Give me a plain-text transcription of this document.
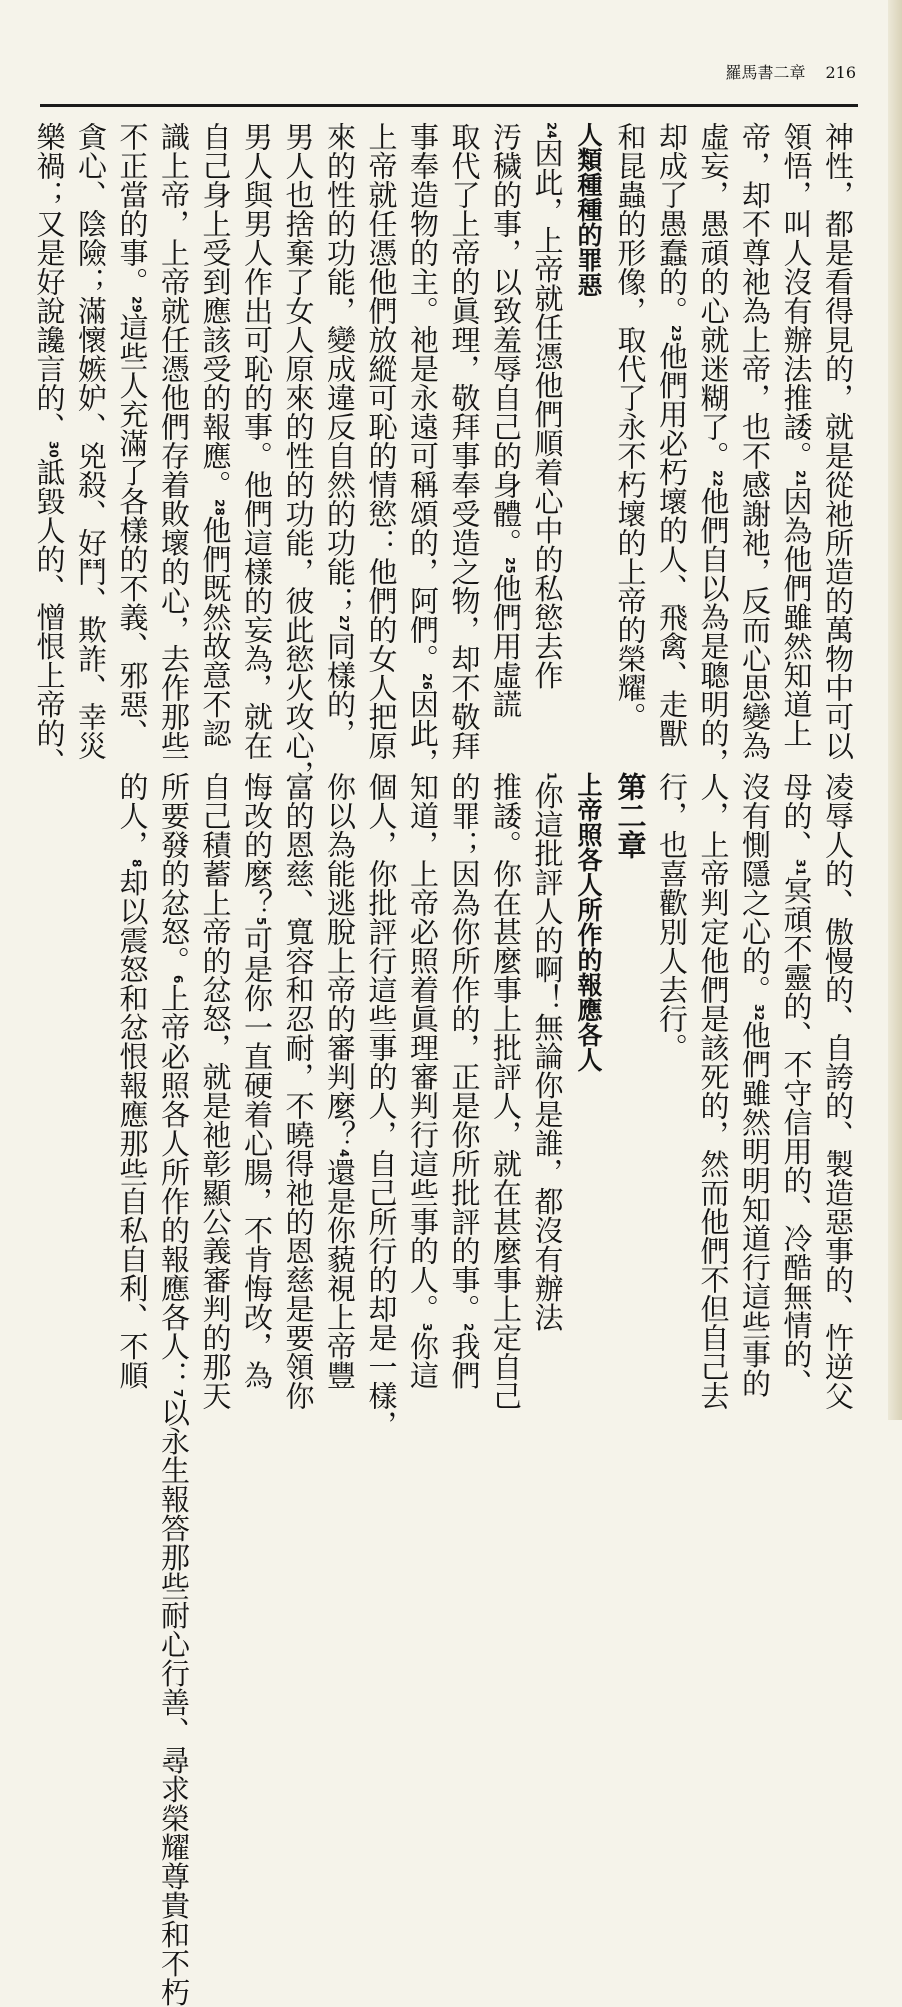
羅馬書二章 216
神性，都是看得見的，就是從祂所造的萬物中可以
領悟，叫人沒有辦法推諉。21因為他們雖然知道上
帝，却不尊祂為上帝，也不感謝祂，反而心思變為
虛妄，愚頑的心就迷糊了。22他們自以為是聰明的，
却成了愚蠢的。23他們用必朽壞的人、飛禽、走獸
和昆蟲的形像，取代了永不朽壞的上帝的榮耀。
人類種種的罪惡
24因此，上帝就任憑他們順着心中的私慾去作
汚穢的事，以致羞辱自己的身體。25他們用虛謊
取代了上帝的眞理，敬拜事奉受造之物，却不敬拜
事奉造物的主。祂是永遠可稱頌的，阿們。26因此，
上帝就任憑他們放縱可恥的情慾：他們的女人把原
來的性的功能，變成違反自然的功能；27同樣的，
男人也捨棄了女人原來的性的功能，彼此慾火攻心，
男人與男人作出可恥的事。他們這樣的妄為，就在
自己身上受到應該受的報應。28他們既然故意不認
識上帝，上帝就任憑他們存着敗壞的心，去作那些
不正當的事。29這些人充滿了各樣的不義、邪惡、
貪心、陰險；滿懷嫉妒、兇殺、好鬥、欺詐、幸災
樂禍；又是好說讒言的、30詆毀人的、憎恨上帝的、
凌辱人的、傲慢的、自誇的、製造惡事的、忤逆父
母的、31冥頑不靈的、不守信用的、冷酷無情的、
沒有惻隱之心的。32他們雖然明明知道行這些事的
人，上帝判定他們是該死的，然而他們不但自己去
行，也喜歡別人去行。
第二章
上帝照各人所作的報應各人
1你這批評人的啊！無論你是誰，都沒有辦法
推諉。你在甚麼事上批評人，就在甚麼事上定自己
的罪；因為你所作的，正是你所批評的事。2我們
知道，上帝必照着眞理審判行這些事的人。3你這
個人，你批評行這些事的人，自己所行的却是一樣，
你以為能逃脫上帝的審判麼？4還是你藐視上帝豐
富的恩慈、寬容和忍耐，不曉得祂的恩慈是要領你
悔改的麼？5可是你一直硬着心腸，不肯悔改，為
自己積蓄上帝的忿怒，就是祂彰顯公義審判的那天
所要發的忿怒。6上帝必照各人所作的報應各人：7以永生報答那些耐心行善、尋求榮耀尊貴和不朽
的人，8却以震怒和忿恨報應那些自私自利、不順
